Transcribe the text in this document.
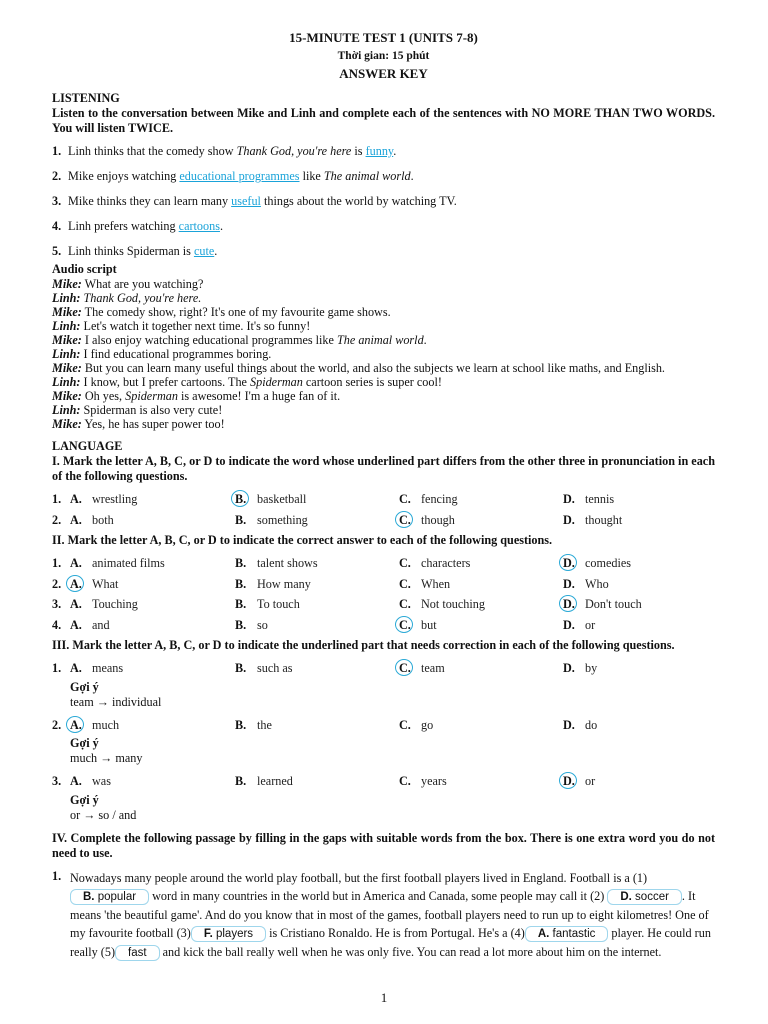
15-MINUTE TEST 1 (UNITS 7-8)

Thời gian: 15 phút

ANSWER KEY

LISTENING

Listen to the conversation between Mike and Linh and complete each of the sentences with NO MORE THAN TWO WORDS. You will listen TWICE.

1. Linh thinks that the comedy show Thank God, you're here is funny.

2. Mike enjoys watching educational programmes like The animal world.

3. Mike thinks they can learn many useful things about the world by watching TV.

4. Linh prefers watching cartoons.

5. Linh thinks Spiderman is cute.

Audio script

Mike: What are you watching?

Linh: Thank God, you're here.

Mike: The comedy show, right? It's one of my favourite game shows.

Linh: Let's watch it together next time. It's so funny!

Mike: I also enjoy watching educational programmes like The animal world.

Linh: I find educational programmes boring.

Mike: But you can learn many useful things about the world, and also the subjects we learn at school like maths, and English.

Linh: I know, but I prefer cartoons. The Spiderman cartoon series is super cool!

Mike: Oh yes, Spiderman is awesome! I'm a huge fan of it.

Linh: Spiderman is also very cute!

Mike: Yes, he has super power too!

LANGUAGE

I. Mark the letter A, B, C, or D to indicate the word whose underlined part differs from the other three in pronunciation in each of the following questions.

1. A. wrestling	B. basketball	C. fencing	D. tennis
2. A. both	B. something	C. though	D. thought

II. Mark the letter A, B, C, or D to indicate the correct answer to each of the following questions.

1. A. animated films	B. talent shows	C. characters	D. comedies
2. A. What	B. How many	C. When	D. Who
3. A. Touching	B. To touch	C. Not touching	D. Don't touch
4. A. and	B. so	C. but	D. or

III. Mark the letter A, B, C, or D to indicate the underlined part that needs correction in each of the following questions.

1. A. means	B. such as	C. team	D. by
Gợi ý
team → individual
2. A. much	B. the	C. go	D. do
Gợi ý
much → many
3. A. was	B. learned	C. years	D. or
Gợi ý
or → so / and

IV. Complete the following passage by filling in the gaps with suitable words from the box. There is one extra word you do not need to use.

1. Nowadays many people around the world play football, but the first football players lived in England. Football is a (1)B. popular word in many countries in the world but in America and Canada, some people may call it (2) D. soccer . It means 'the beautiful game'. And do you know that in most of the games, football players need to run up to eight kilometres! One of my favourite football (3) F. players is Cristiano Ronaldo. He is from Portugal. He's a (4) A. fantastic player. He could run really (5) fast and kick the ball really well when he was only five. You can read a lot more about him on the internet.

1
